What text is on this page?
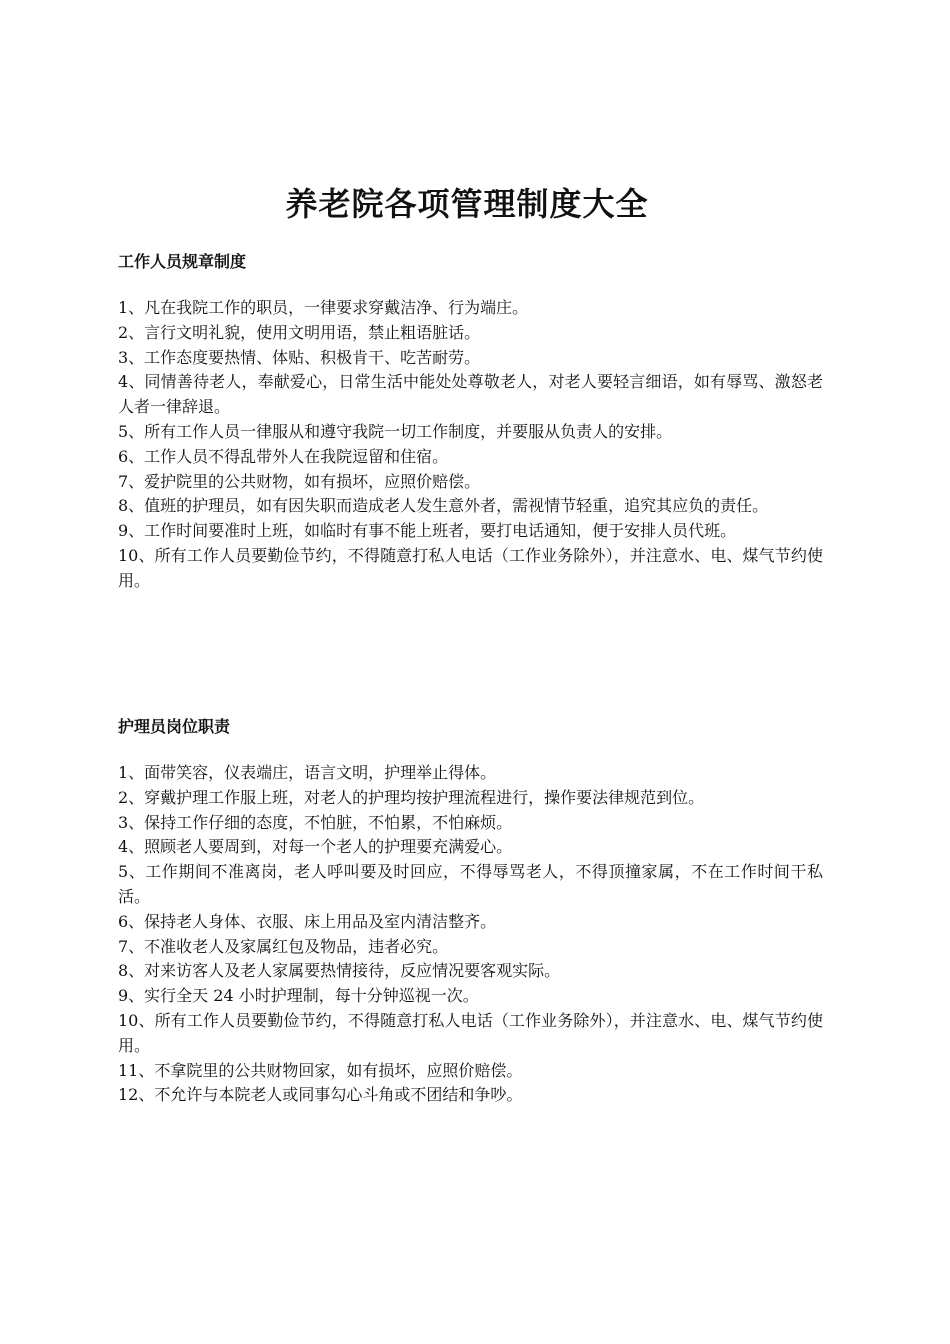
养老院各项管理制度大全
工作人员规章制度
1、凡在我院工作的职员，一律要求穿戴洁净、行为端庄。
2、言行文明礼貌，使用文明用语，禁止粗语脏话。
3、工作态度要热情、体贴、积极肯干、吃苦耐劳。
4、同情善待老人，奉献爱心，日常生活中能处处尊敬老人，对老人要轻言细语，如有辱骂、激怒老人者一律辞退。
5、所有工作人员一律服从和遵守我院一切工作制度，并要服从负责人的安排。
6、工作人员不得乱带外人在我院逗留和住宿。
7、爱护院里的公共财物，如有损坏，应照价赔偿。
8、值班的护理员，如有因失职而造成老人发生意外者，需视情节轻重，追究其应负的责任。
9、工作时间要准时上班，如临时有事不能上班者，要打电话通知，便于安排人员代班。
10、所有工作人员要勤俭节约，不得随意打私人电话（工作业务除外），并注意水、电、煤气节约使用。
护理员岗位职责
1、面带笑容，仪表端庄，语言文明，护理举止得体。
2、穿戴护理工作服上班，对老人的护理均按护理流程进行，操作要法律规范到位。
3、保持工作仔细的态度，不怕脏，不怕累，不怕麻烦。
4、照顾老人要周到，对每一个老人的护理要充满爱心。
5、工作期间不准离岗，老人呼叫要及时回应，不得辱骂老人，不得顶撞家属，不在工作时间干私活。
6、保持老人身体、衣服、床上用品及室内清洁整齐。
7、不准收老人及家属红包及物品，违者必究。
8、对来访客人及老人家属要热情接待，反应情况要客观实际。
9、实行全天 24 小时护理制，每十分钟巡视一次。
10、所有工作人员要勤俭节约，不得随意打私人电话（工作业务除外），并注意水、电、煤气节约使用。
11、不拿院里的公共财物回家，如有损坏，应照价赔偿。
12、不允许与本院老人或同事勾心斗角或不团结和争吵。
